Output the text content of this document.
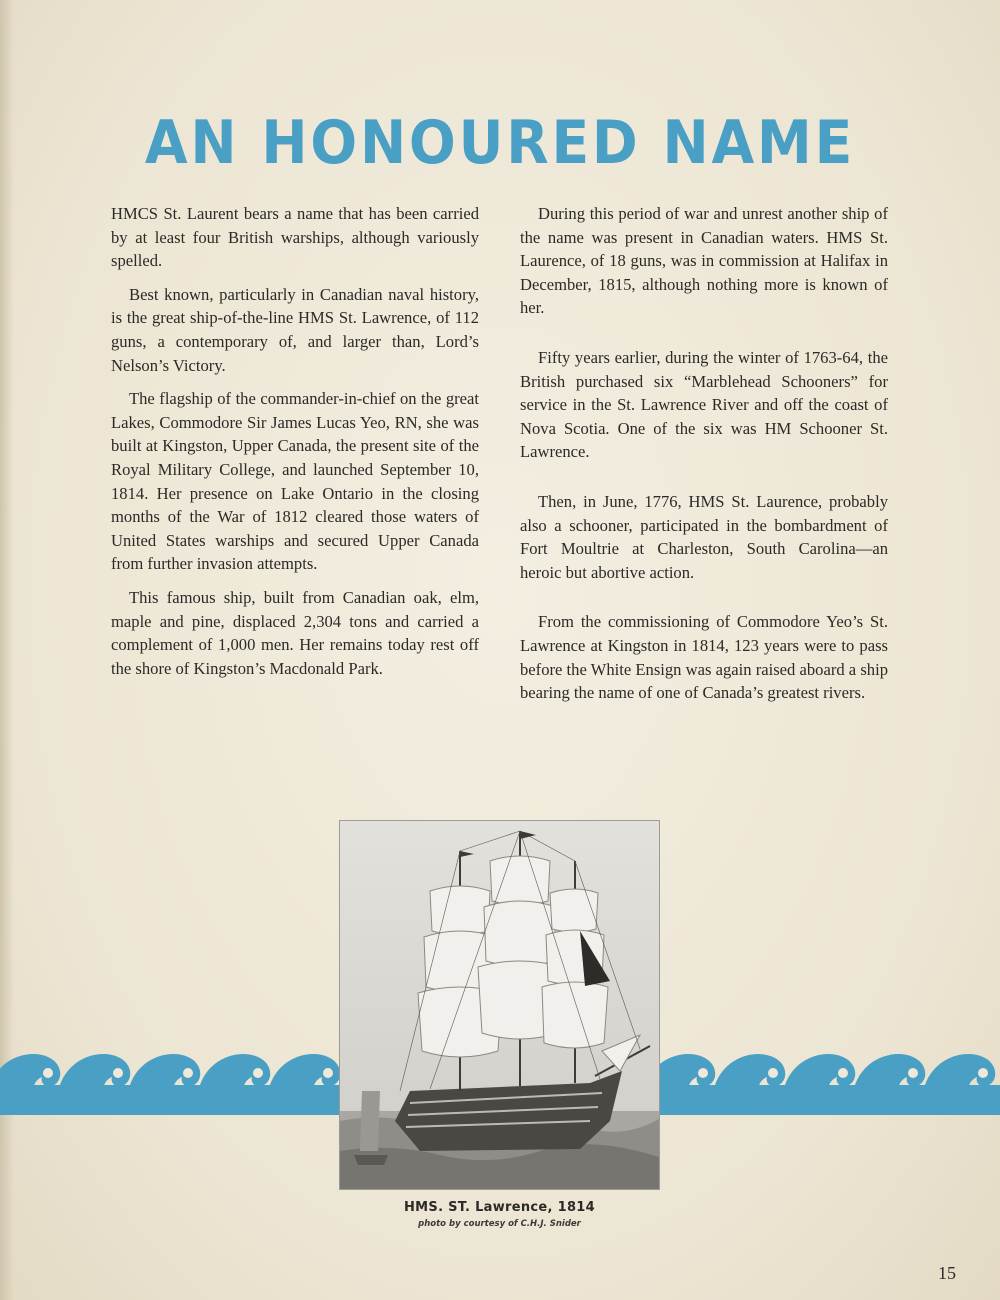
AN HONOURED NAME

HMCS St. Laurent bears a name that has been carried by at least four British warships, although variously spelled.

Best known, particularly in Canadian naval history, is the great ship-of-the-line HMS St. Lawrence, of 112 guns, a contemporary of, and larger than, Lord’s Nelson’s Victory.

The flagship of the commander-in-chief on the great Lakes, Commodore Sir James Lucas Yeo, RN, she was built at Kingston, Upper Canada, the present site of the Royal Military College, and launched September 10, 1814. Her presence on Lake Ontario in the closing months of the War of 1812 cleared those waters of United States warships and secured Upper Canada from further invasion attempts.

This famous ship, built from Canadian oak, elm, maple and pine, displaced 2,304 tons and carried a complement of 1,000 men. Her remains today rest off the shore of Kingston’s Macdonald Park.

During this period of war and unrest another ship of the name was present in Canadian waters. HMS St. Laurence, of 18 guns, was in commission at Halifax in December, 1815, although nothing more is known of her.

Fifty years earlier, during the winter of 1763-64, the British purchased six “Marblehead Schooners” for service in the St. Lawrence River and off the coast of Nova Scotia. One of the six was HM Schooner St. Lawrence.

Then, in June, 1776, HMS St. Laurence, probably also a schooner, participated in the bombardment of Fort Moultrie at Charleston, South Carolina—an heroic but abortive action.

From the commissioning of Commodore Yeo’s St. Lawrence at Kingston in 1814, 123 years were to pass before the White Ensign was again raised aboard a ship bearing the name of one of Canada’s greatest rivers.

HMS. ST. Lawrence, 1814
photo by courtesy of C.H.J. Snider
15
